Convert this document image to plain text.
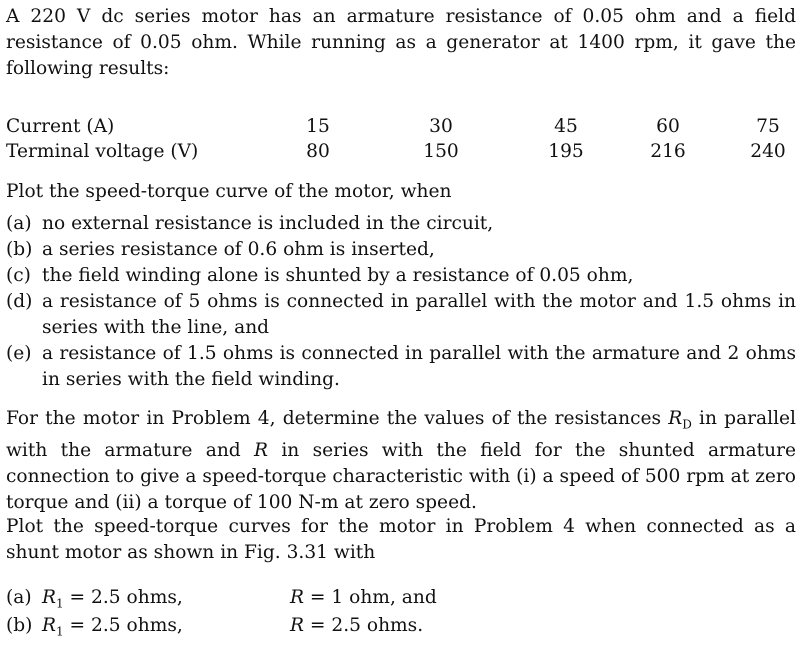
A 220 V dc series motor has an armature resistance of 0.05 ohm and a field resistance of 0.05 ohm. While running as a generator at 1400 rpm, it gave the following results:

Current (A)	15	30	45	60	75
Terminal voltage (V)	80	150	195	216	240

Plot the speed-torque curve of the motor, when

(a) no external resistance is included in the circuit,

(b) a series resistance of 0.6 ohm is inserted,

(c) the field winding alone is shunted by a resistance of 0.05 ohm,

(d) a resistance of 5 ohms is connected in parallel with the motor and 1.5 ohms in series with the line, and

(e) a resistance of 1.5 ohms is connected in parallel with the armature and 2 ohms in series with the field winding.

For the motor in Problem 4, determine the values of the resistances $R_D$ in parallel with the armature and R in series with the field for the shunted armature connection to give a speed-torque characteristic with (i) a speed of 500 rpm at zero torque and (ii) a torque of 100 N-m at zero speed.

Plot the speed-torque curves for the motor in Problem 4 when connected as a shunt motor as shown in Fig. 3.31 with

(a) $R_1 = 2.5$ ohms,	R = 1 ohm, and
(b) $R_1 = 2.5$ ohms,	R = 2.5 ohms.
